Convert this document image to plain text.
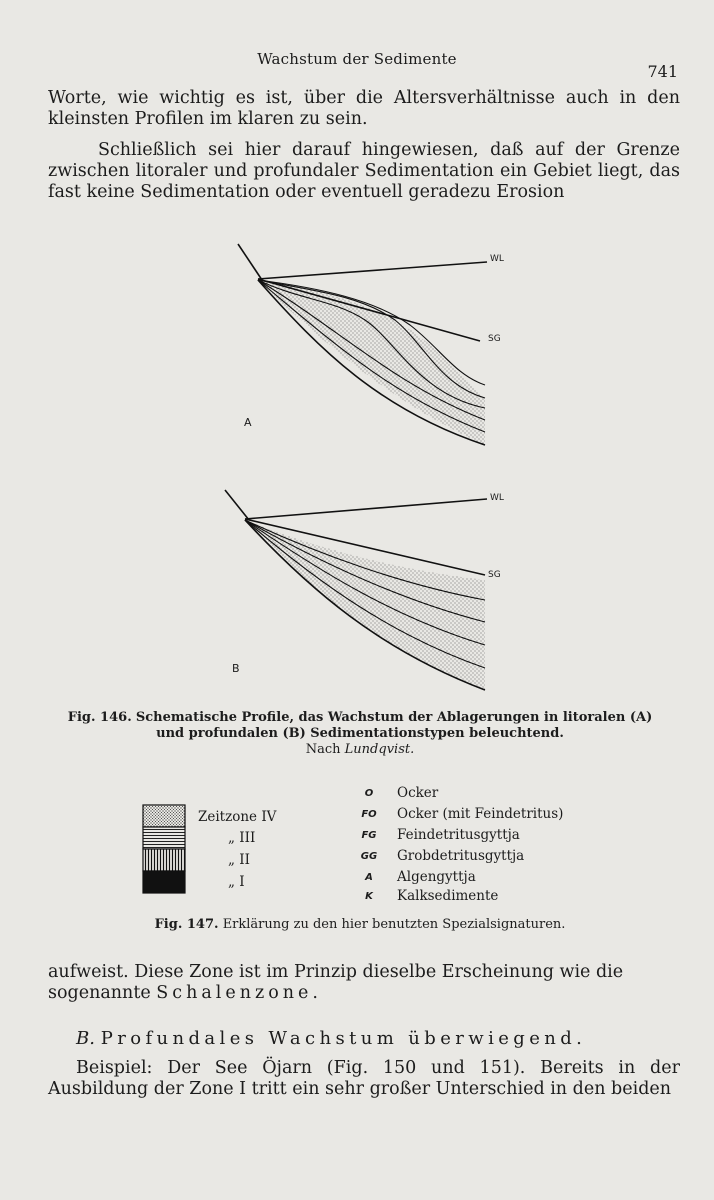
Wachstum der Sedimente
741

Worte, wie wichtig es ist, über die Altersverhältnisse auch in den kleinsten Profilen im klaren zu sein.

Schließlich sei hier darauf hingewiesen, daß auf der Grenze zwischen litoraler und profundaler Sedimentation ein Gebiet liegt, das fast keine Sedimentation oder eventuell geradezu Erosion

WL
SG
A
WL
SG
B
Fig. 146. Schematische Profile, das Wachstum der Ablagerungen in litoralen (A)
und profundalen (B) Sedimentationstypen beleuchtend.
Nach Lundqvist.
Zeitzone IV
„ III
„ II
„ I
O	Ocker
FO	Ocker (mit Feindetritus)
FG	Feindetritusgyttja
GG	Grobdetritusgyttja
A	Algengyttja
K	Kalksedimente
Fig. 147. Erklärung zu den hier benutzten Spezialsignaturen.

aufweist. Diese Zone ist im Prinzip dieselbe Erscheinung wie die

sogenannte Schalenzone.

B. Profundales Wachstum überwiegend.

Beispiel: Der See Öjarn (Fig. 150 und 151). Bereits in der Ausbildung der Zone I tritt ein sehr großer Unterschied in den beiden
